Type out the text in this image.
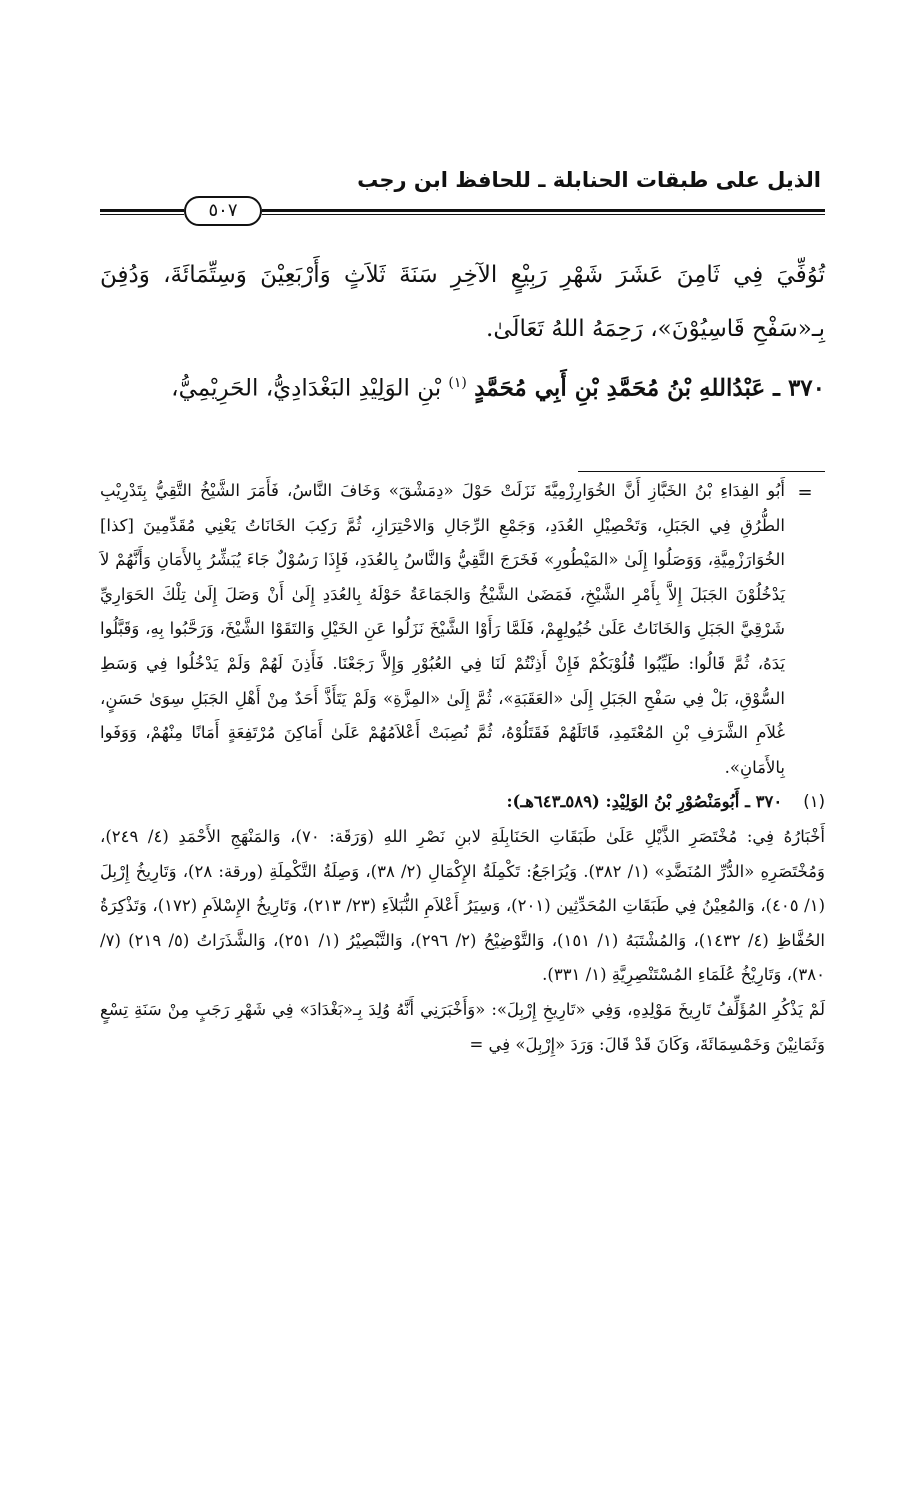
الذيل على طبقات الحنابلة ـ للحافظ ابن رجب
٥٠٧

تُوُفِّيَ فِي ثَامِنَ عَشَرَ شَهْرِ رَبِيْعٍ الآخِرِ سَنَةَ ثَلاَثٍ وَأَرْبَعِيْنَ وَسِتِّمَائَةَ، وَدُفِنَ بِـ«سَفْحِ قَاسِيُوْنَ»، رَحِمَهُ اللهُ تَعَالَىٰ.

٣٧٠ ـ عَبْدُاللهِ بْنُ مُحَمَّدِ بْنِ أَبِي مُحَمَّدٍ $^{(١)}$ بْنِ الوَلِيْدِ البَغْدَادِيُّ، الحَرِيْمِيُّ،

=

أَبُو الفِدَاءِ بْنُ الخَبَّازِ أَنَّ الخُوَارِزْمِيَّةَ نَزَلَتْ حَوْلَ «دِمَشْقَ» وَخَافَ النَّاسُ، فَأَمَرَ الشَّيْخُ التَّقِيُّ بِتَدْرِيْبِ الطُّرُقِ فِي الجَبَلِ، وَتَحْصِيْلِ العُدَدِ، وَجَمْعِ الرِّجَالِ وَالاحْتِرَازِ، ثُمَّ رَكِبَ الخَانَاتُ يَعْنِي مُقَدِّمِينَ [كذا] الخُوَارَزْمِيَّةِ، وَوَصَلُوا إِلَىٰ «المَيْطُورِ» فَخَرَجَ التَّقِيُّ وَالنَّاسُ بِالعُدَدِ، فَإِذَا رَسُوْلٌ جَاءَ يُبَشِّرُ بِالأَمَانِ وَأَنَّهُمْ لاَ يَدْخُلُوْنَ الجَبَلَ إِلاَّ بِأَمْرِ الشَّيْخِ، فَمَضَىٰ الشَّيْخُ وَالجَمَاعَةُ حَوْلَهُ بِالعُدَدِ إِلَىٰ أَنْ وَصَلَ إِلَىٰ تِلْكَ الحَوَارِيِّ شَرْقِيَّ الجَبَلِ وَالخَانَاتُ عَلَىٰ خُيُولِهِمْ، فَلَمَّا رَأَوْا الشَّيْخَ نَزَلُوا عَنِ الخَيْلِ وَالتَقَوْا الشَّيْخَ، وَرَحَّبُوا بِهِ، وَقَبَّلُوا يَدَهُ، ثُمَّ قَالُوا: طَيِّبُوا قُلُوْبَكُمْ فَإِنْ أَذِنْتُمْ لَنَا فِي العُبُوْرِ وَإِلاَّ رَجَعْنَا. فَأَذِنَ لَهُمْ وَلَمْ يَدْخُلُوا فِي وَسَطِ السُّوْقِ، بَلْ فِي سَفْحِ الجَبَلِ إِلَىٰ «العَقَبَةِ»، ثُمَّ إِلَىٰ «المِزَّةِ» وَلَمْ يَتَأَذَّ أَحَدٌ مِنْ أَهْلِ الجَبَلِ سِوَىٰ حَسَنٍ، غُلاَمِ الشَّرَفِ بْنِ المُعْتَمِدِ، قَاتَلَهُمْ فَقَتَلُوْهُ، ثُمَّ نُصِبَتْ أَعْلاَمُهُمْ عَلَىٰ أَمَاكِنَ مُرْتَفِعَةٍ أَمَانًا مِنْهُمْ، وَوَفَوا بِالأَمَانِ».

(١)    ٣٧٠ ـ أَبُومَنْصُوْرِ بْنُ الوَلِيْدِ: (٥٨٩ـ٦٤٣هـ):

أَخْبَارُهُ فِي: مُخْتَصَرِ الذَّيْلِ عَلَىٰ طَبَقَاتِ الحَنَابِلَةِ لابنِ نَصْرِ اللهِ (وَرَقَة: ٧٠)، وَالمَنْهَجِ الأَحْمَدِ (٤/ ٢٤٩)، وَمُخْتَصَرِهِ «الدُّرِّ المُنَضَّدِ» (١/ ٣٨٢). وَيُرَاجَعُ: تَكْمِلَةُ الإِكْمَالِ (٢/ ٣٨)، وَصِلَةُ التَّكْمِلَةِ (ورقة: ٢٨)، وَتَارِيخُ إِرْبِلَ (١/ ٤٠٥)، وَالمُعِيْنُ فِي طَبَقَاتِ المُحَدِّثِين (٢٠١)، وَسِيَرُ أَعْلاَمِ النُّبَلاَءِ (٢٣/ ٢١٣)، وَتَارِيخُ الإِسْلاَمِ (١٧٢)، وَتَذْكِرَةُ الحُفَّاظِ (٤/ ١٤٣٢)، وَالمُشْتَبَهُ (١/ ١٥١)، وَالتَّوْضِيْحُ (٢/ ٢٩٦)، وَالتَّبْصِيْرُ (١/ ٢٥١)، وَالشَّذَرَاتُ (٥/ ٢١٩) (٧/ ٣٨٠)، وَتَارِيْخُ عُلَمَاءِ المُسْتَنْصِرِيَّةِ (١/ ٣٣١).

لَمْ يَذْكُرِ المُؤَلِّفُ تَارِيخَ مَوْلِدِهِ، وَفِي «تَارِيخِ إِرْبِلَ»: «وَأَخْبَرَنِي أَنَّهُ وُلِدَ بِـ«بَغْدَادَ» فِي شَهْرِ رَجَبٍ مِنْ سَنَةِ تِسْعٍ وَثَمَانِيْنَ وَخَمْسِمَائَةَ، وَكَانَ قَدْ قَالَ: وَرَدَ «إِرْبِلَ» فِي =
